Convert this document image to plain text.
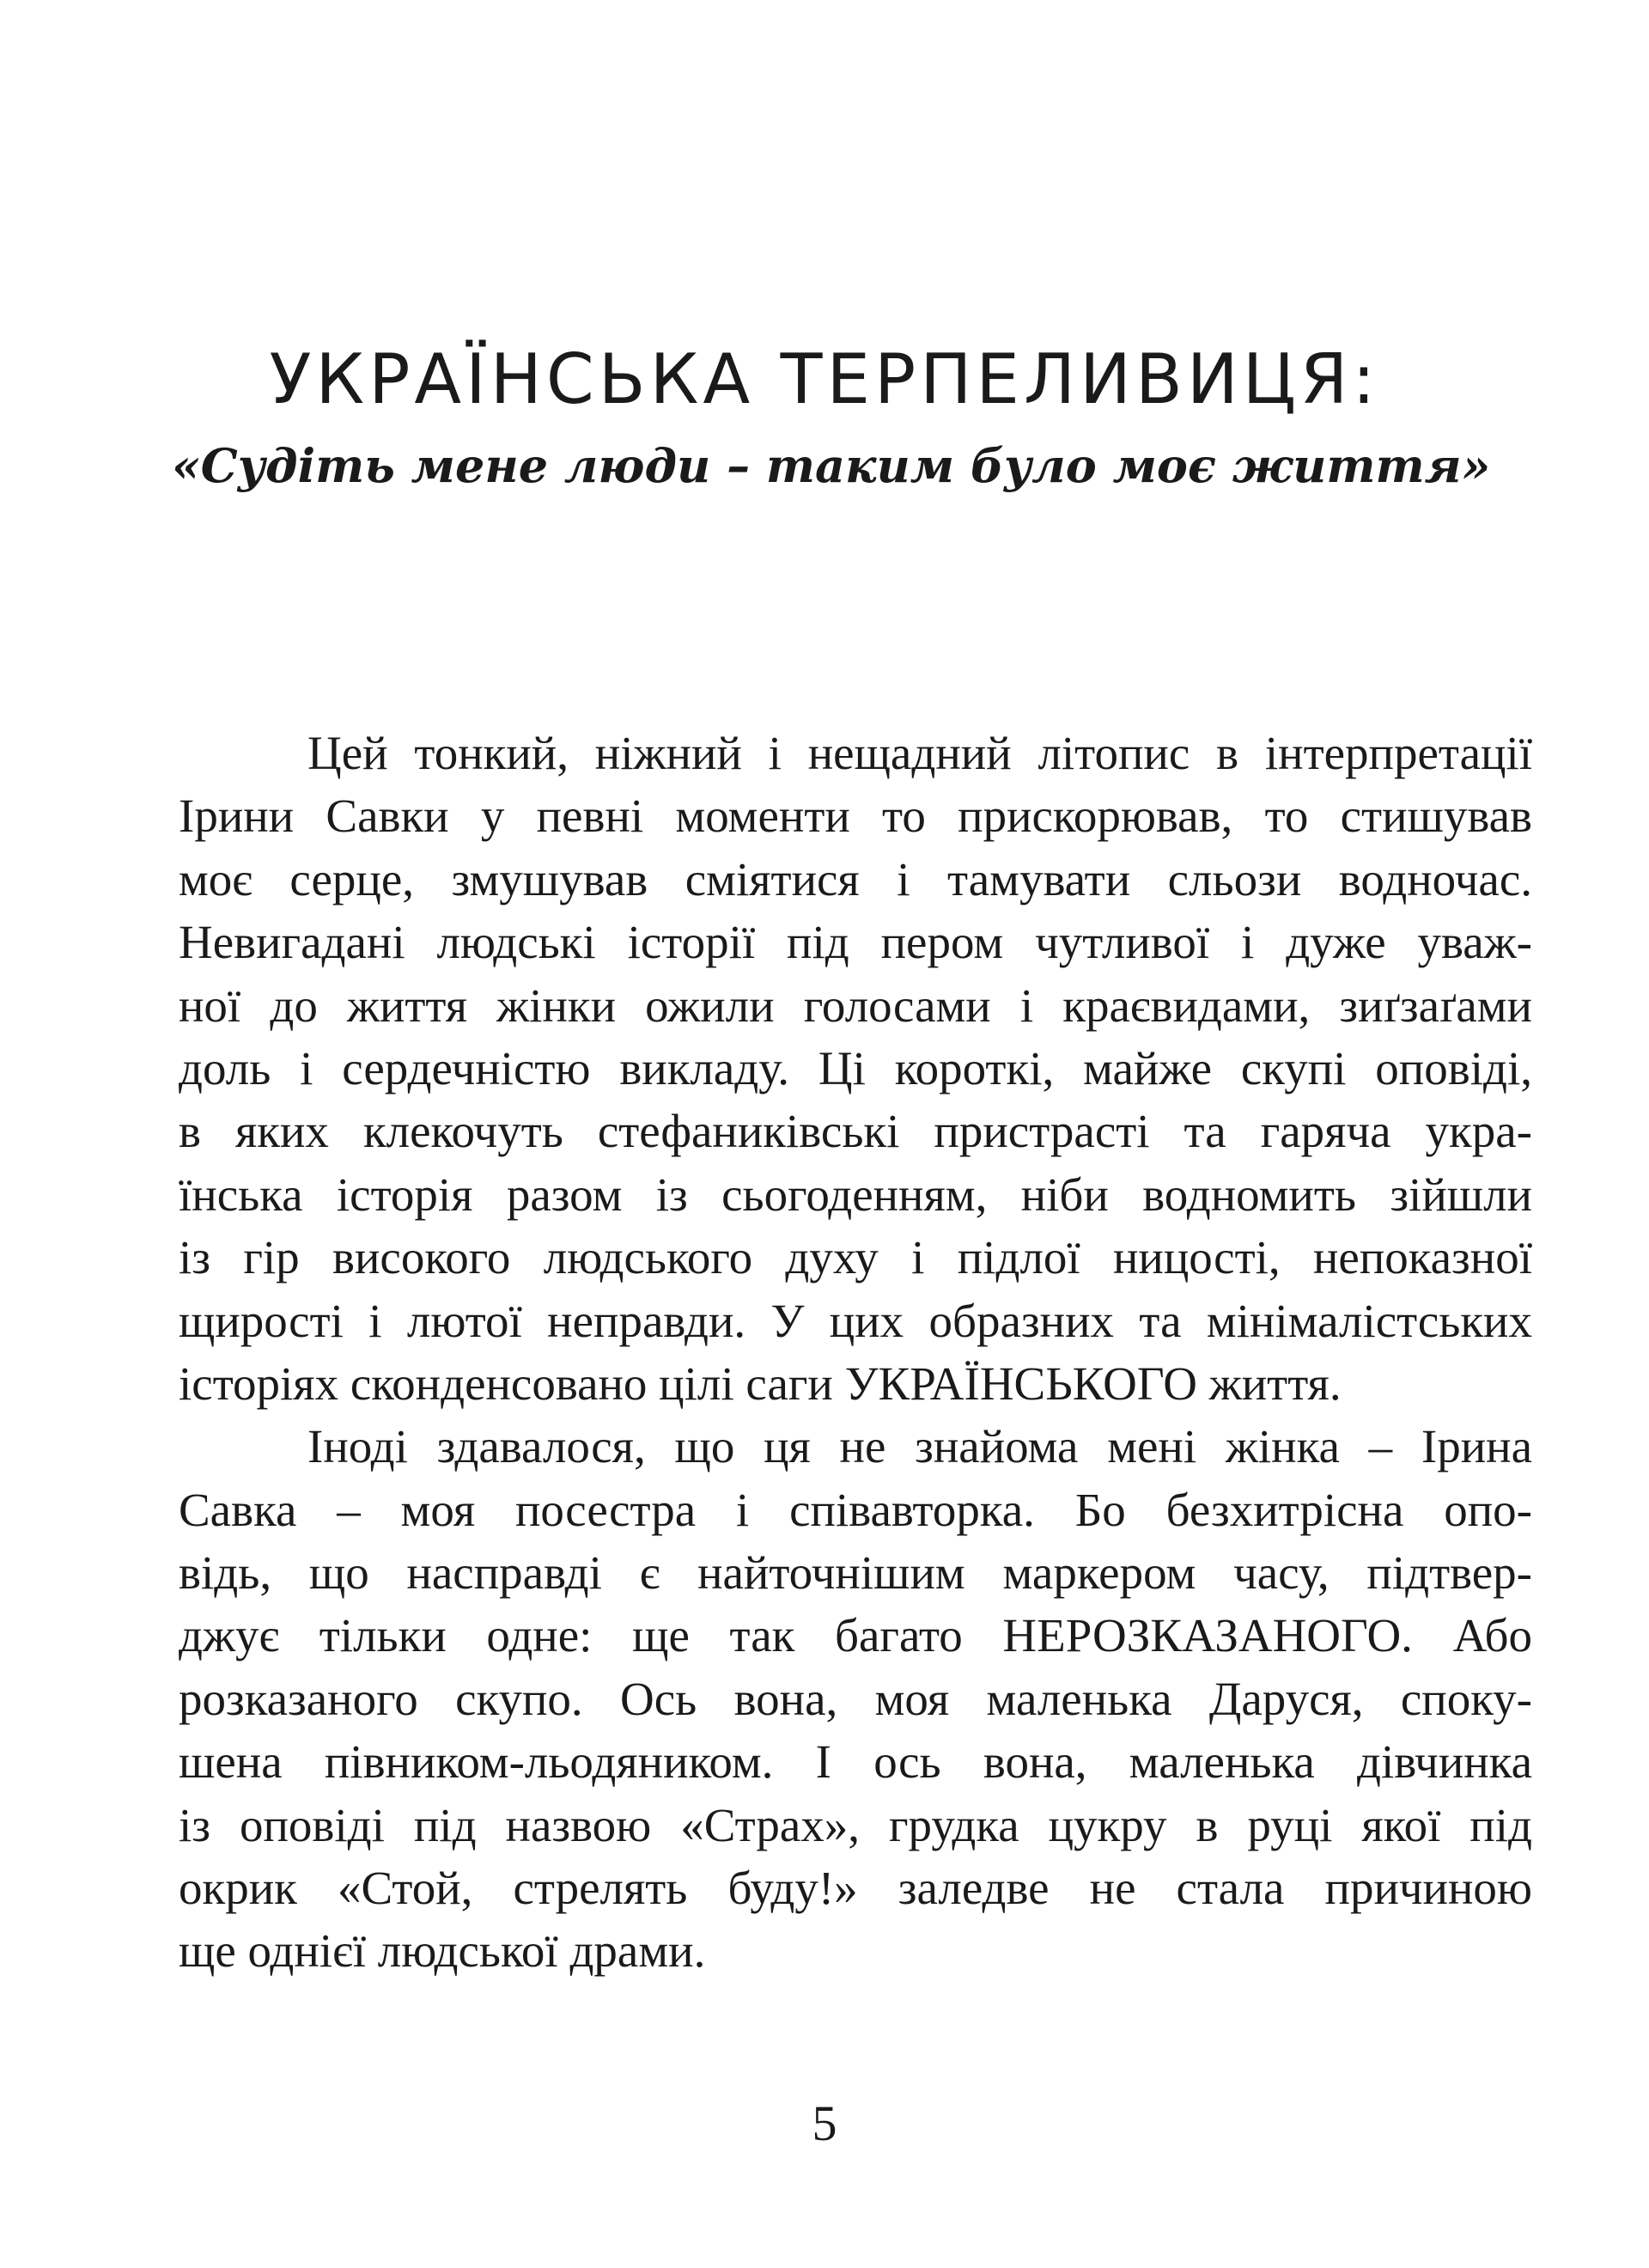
УКРАЇНСЬКА ТЕРПЕЛИВИЦЯ:
«Судіть мене люди – таким було моє життя»

Цей тонкий, ніжний і нещадний літопис в інтерпретації
Ірини Савки у певні моменти то прискорював, то стишував
моє серце, змушував сміятися і тамувати сльози водночас.
Невигадані людські історії під пером чутливої і дуже уваж-
ної до життя жінки ожили голосами і краєвидами, зиґзаґами
доль і сердечністю викладу. Ці короткі, майже скупі оповіді,
в яких клекочуть стефаниківські пристрасті та гаряча укра-
їнська історія разом із сьогоденням, ніби водномить зійшли
із гір високого людського духу і підлої ницості, непоказної
щирості і лютої неправди. У цих образних та мінімалістських
історіях сконденсовано цілі саги УКРАЇНСЬКОГО життя.

Іноді здавалося, що ця не знайома мені жінка – Ірина
Савка – моя посестра і співавторка. Бо безхитрісна опо-
відь, що насправді є найточнішим маркером часу, підтвер-
джує тільки одне: ще так багато НЕРОЗКАЗАНОГО. Або
розказаного скупо. Ось вона, моя маленька Даруся, споку-
шена півником-льодяником. І ось вона, маленька дівчинка
із оповіді під назвою «Страх», грудка цукру в руці якої під
окрик «Стой, стрелять буду!» заледве не стала причиною
ще однієї людської драми.

5
